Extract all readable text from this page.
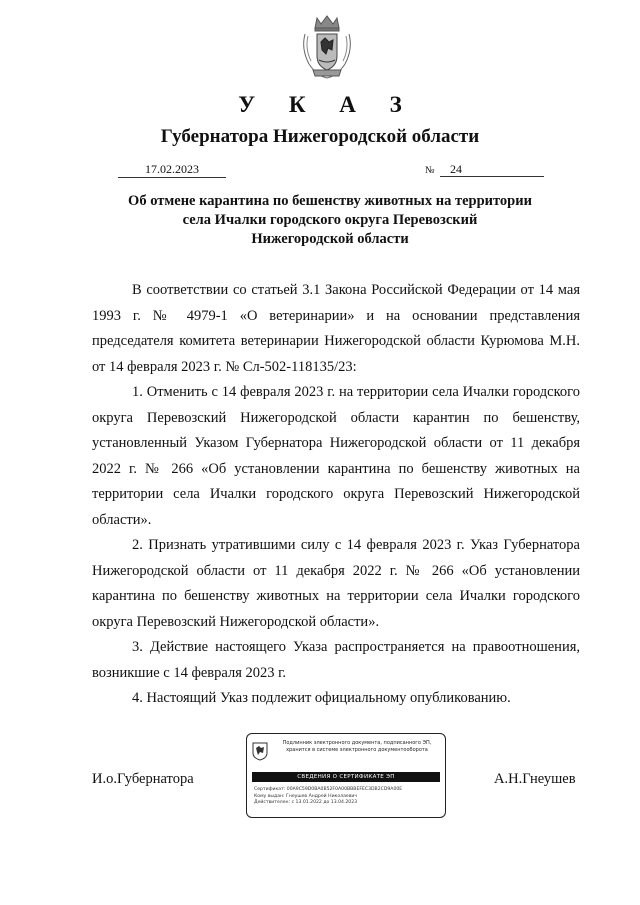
У К А З
Губернатора Нижегородской области
17.02.2023	№	24
Об отмене карантина по бешенству животных на территории
села Ичалки городского округа Перевозский
Нижегородской области

В соответствии со статьей 3.1 Закона Российской Федерации от 14 мая 1993 г. № 4979-1 «О ветеринарии» и на основании представления председателя комитета ветеринарии Нижегородской области Курюмова М.Н. от 14 февраля 2023 г. № Сл-502-118135/23:

1. Отменить с 14 февраля 2023 г. на территории села Ичалки городского округа Перевозский Нижегородской области карантин по бешенству, установленный Указом Губернатора Нижегородской области от 11 декабря 2022 г. № 266 «Об установлении карантина по бешенству животных на территории села Ичалки городского округа Перевозский Нижегородской области».

2. Признать утратившими силу с 14 февраля 2023 г. Указ Губернатора Нижегородской области от 11 декабря 2022 г. № 266 «Об установлении карантина по бешенству животных на территории села Ичалки городского округа Перевозский Нижегородской области».

3. Действие настоящего Указа распространяется на правоотношения, возникшие с 14 февраля 2023 г.

4. Настоящий Указ подлежит официальному опубликованию.

И.о.Губернатора	А.Н.Гнеушев
Подлинник электронного документа, подписанного ЭП, хранится в системе электронного документооборота
СВЕДЕНИЯ О СЕРТИФИКАТЕ ЭП
Сертификат: 00A9C59D0BA0B52F0A00BBBEFEC3DB2CD9A00E
Кому выдан: Гнеушев Андрей Николаевич
Действителен: с 13.01.2022 до 13.04.2023
